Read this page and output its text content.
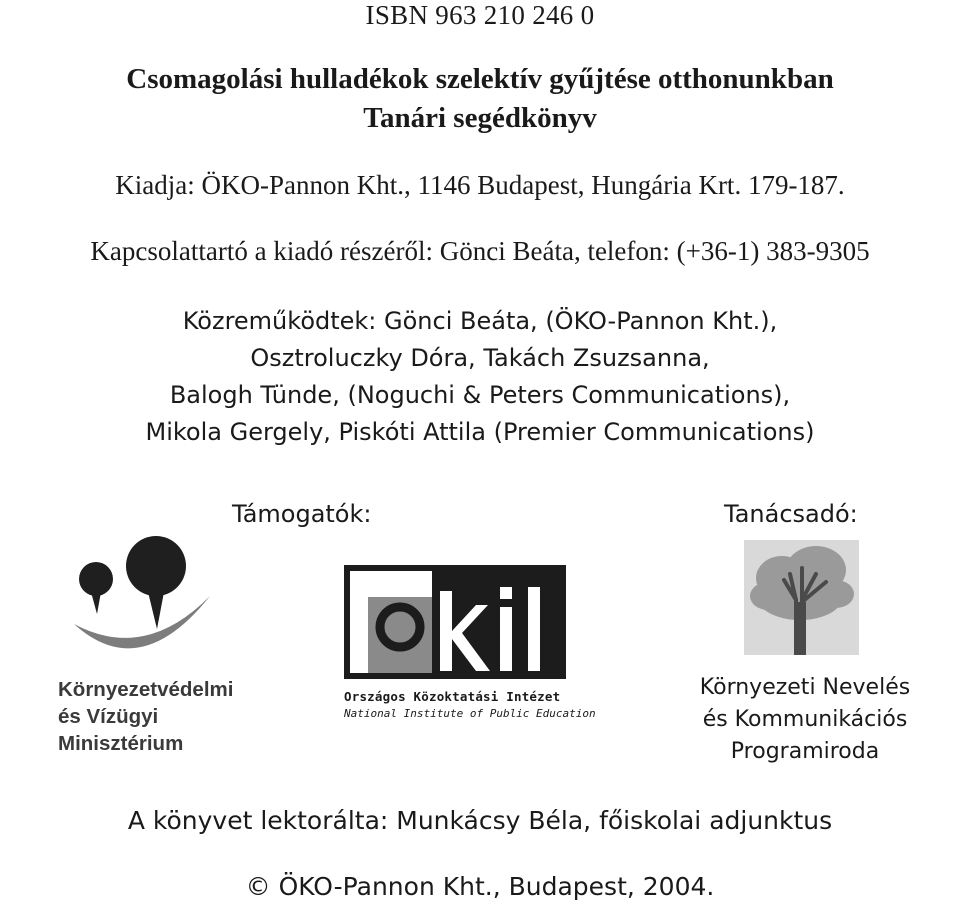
ISBN 963 210 246 0
Csomagolási hulladékok szelektív gyűjtése otthonunkban
Tanári segédkönyv
Kiadja: ÖKO-Pannon Kht., 1146 Budapest, Hungária Krt. 179-187.
Kapcsolattartó a kiadó részéről: Gönci Beáta, telefon: (+36-1) 383-9305
Közreműködtek: Gönci Beáta, (ÖKO-Pannon Kht.),
Osztroluczky Dóra, Takách Zsuzsanna,
Balogh Tünde, (Noguchi & Peters Communications),
Mikola Gergely, Piskóti Attila (Premier Communications)
Támogatók:	Tanácsadó:
Környezetvédelmi
és Vízügyi
Minisztérium
Országos Közoktatási Intézet
National Institute of Public Education
Környezeti Nevelés
és Kommunikációs
Programiroda
A könyvet lektorálta: Munkácsy Béla, főiskolai adjunktus
© ÖKO-Pannon Kht., Budapest, 2004.
